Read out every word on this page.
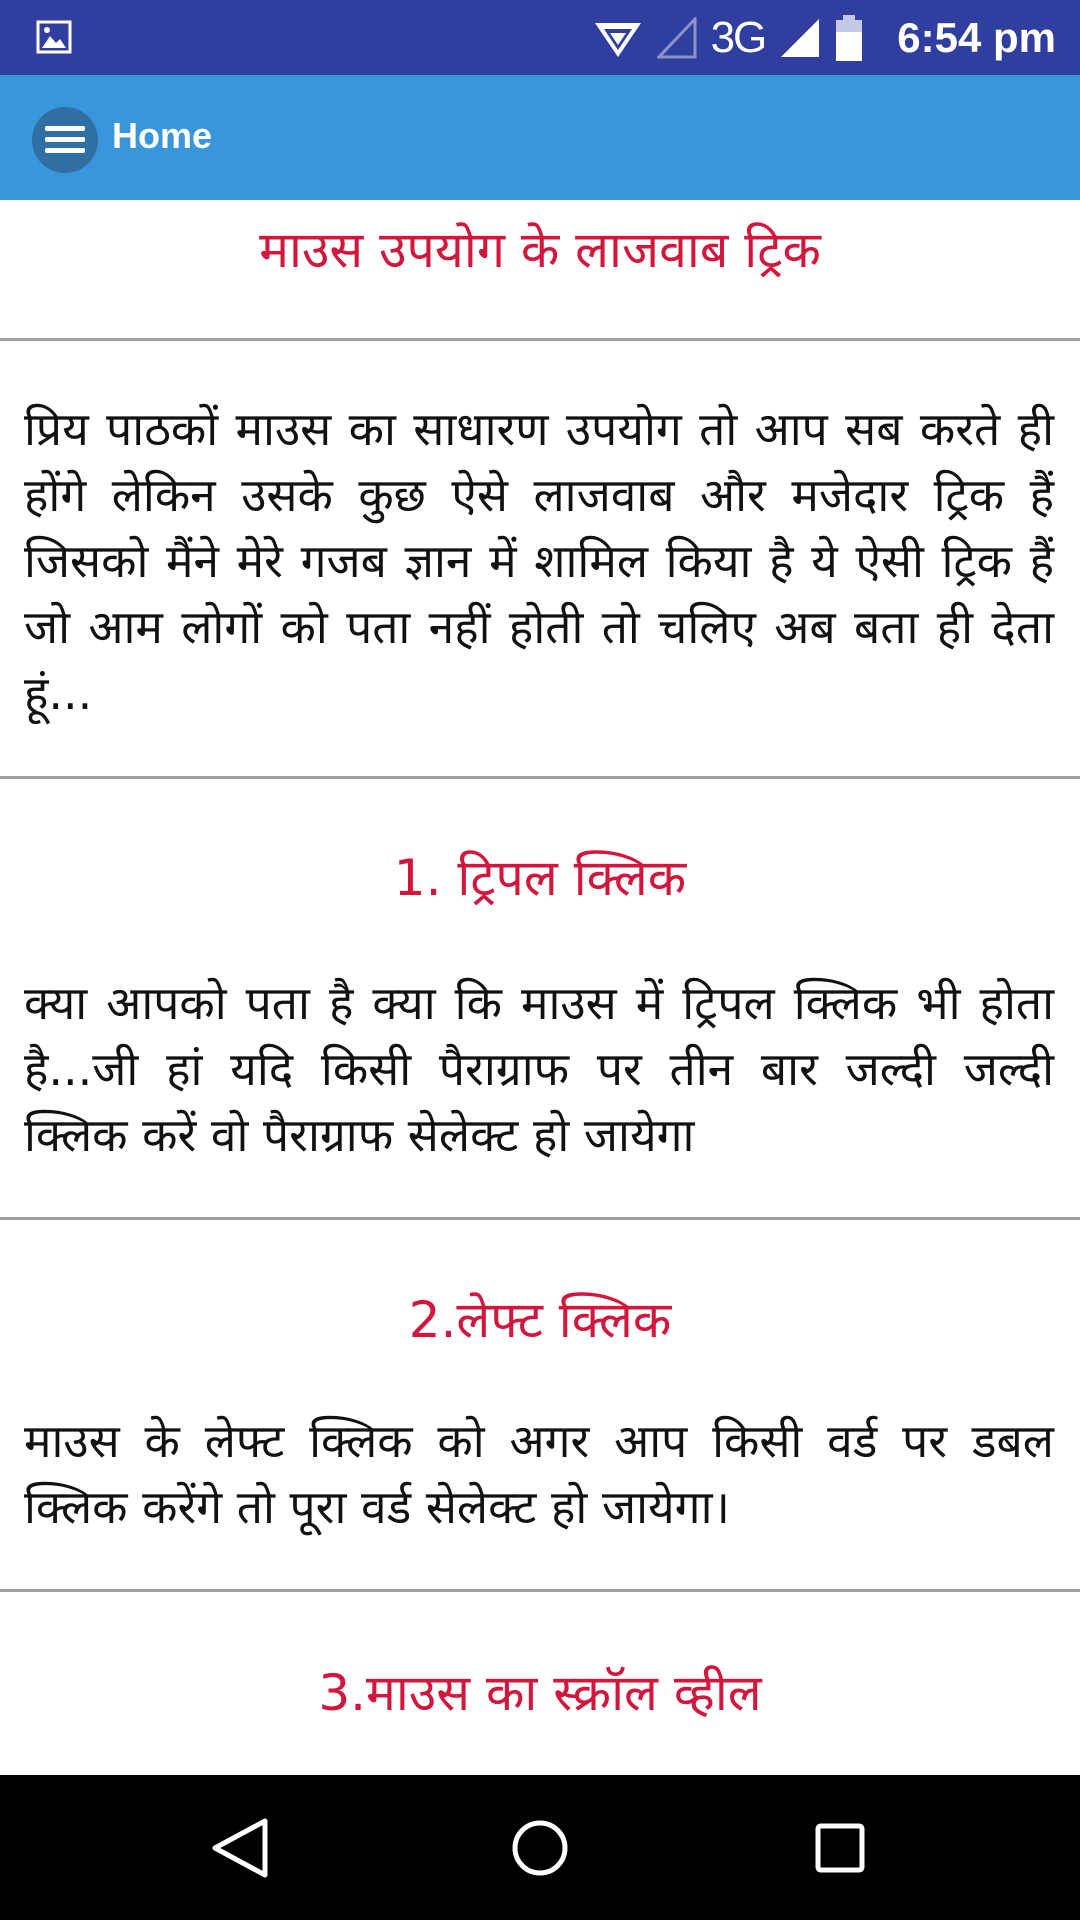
3G	6:54 pm
Home
माउस उपयोग के लाजवाब ट्रिक
प्रिय पाठकों माउस का साधारण उपयोग तो आप सब करते ही होंगे लेकिन उसके कुछ ऐसे लाजवाब और मजेदार ट्रिक हैं जिसको मैंने मेरे गजब ज्ञान में शामिल किया है ये ऐसी ट्रिक हैं जो आम लोगों को पता नहीं होती तो चलिए अब बता ही देता हूं...
1. ट्रिपल क्लिक
क्या आपको पता है क्या कि माउस में ट्रिपल क्लिक भी होता है...जी हां यदि किसी पैराग्राफ पर तीन बार जल्दी जल्दी क्लिक करें वो पैराग्राफ सेलेक्ट हो जायेगा
2.लेफ्ट क्लिक
माउस के लेफ्ट क्लिक को अगर आप किसी वर्ड पर डबल क्लिक करेंगे तो पूरा वर्ड सेलेक्ट हो जायेगा।
3.माउस का स्क्रॉल व्हील
